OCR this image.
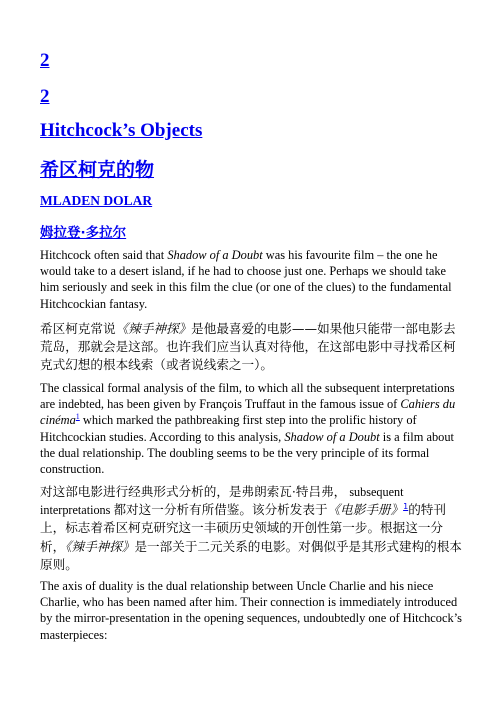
2
2
Hitchcock’s Objects
希区柯克的物
MLADEN DOLAR
姆拉登·多拉尔

Hitchcock often said that Shadow of a Doubt was his favourite film – the one he would take to a desert island, if he had to choose just one. Perhaps we should take him seriously and seek in this film the clue (or one of the clues) to the fundamental Hitchcockian fantasy.

希区柯克常说《辣手神探》是他最喜爱的电影——如果他只能带一部电影去荒岛，那就会是这部。也许我们应当认真对待他，在这部电影中寻找希区柯克式幻想的根本线索（或者说线索之一）。

The classical formal analysis of the film, to which all the subsequent interpretations are indebted, has been given by François Truffaut in the famous issue of Cahiers du cinéma$^1$ which marked the pathbreaking first step into the prolific history of Hitchcockian studies. According to this analysis, Shadow of a Doubt is a film about the dual relationship. The doubling seems to be the very principle of its formal construction.

对这部电影进行经典形式分析的，是弗朗索瓦·特吕弗， subsequent interpretations 都对这一分析有所借鉴。该分析发表于《电影手册》$^1$的特刊上，标志着希区柯克研究这一丰硕历史领域的开创性第一步。根据这一分析，《辣手神探》是一部关于二元关系的电影。对偶似乎是其形式建构的根本原则。

The axis of duality is the dual relationship between Uncle Charlie and his niece Charlie, who has been named after him. Their connection is immediately introduced by the mirror-presentation in the opening sequences, undoubtedly one of Hitchcock’s masterpieces:
